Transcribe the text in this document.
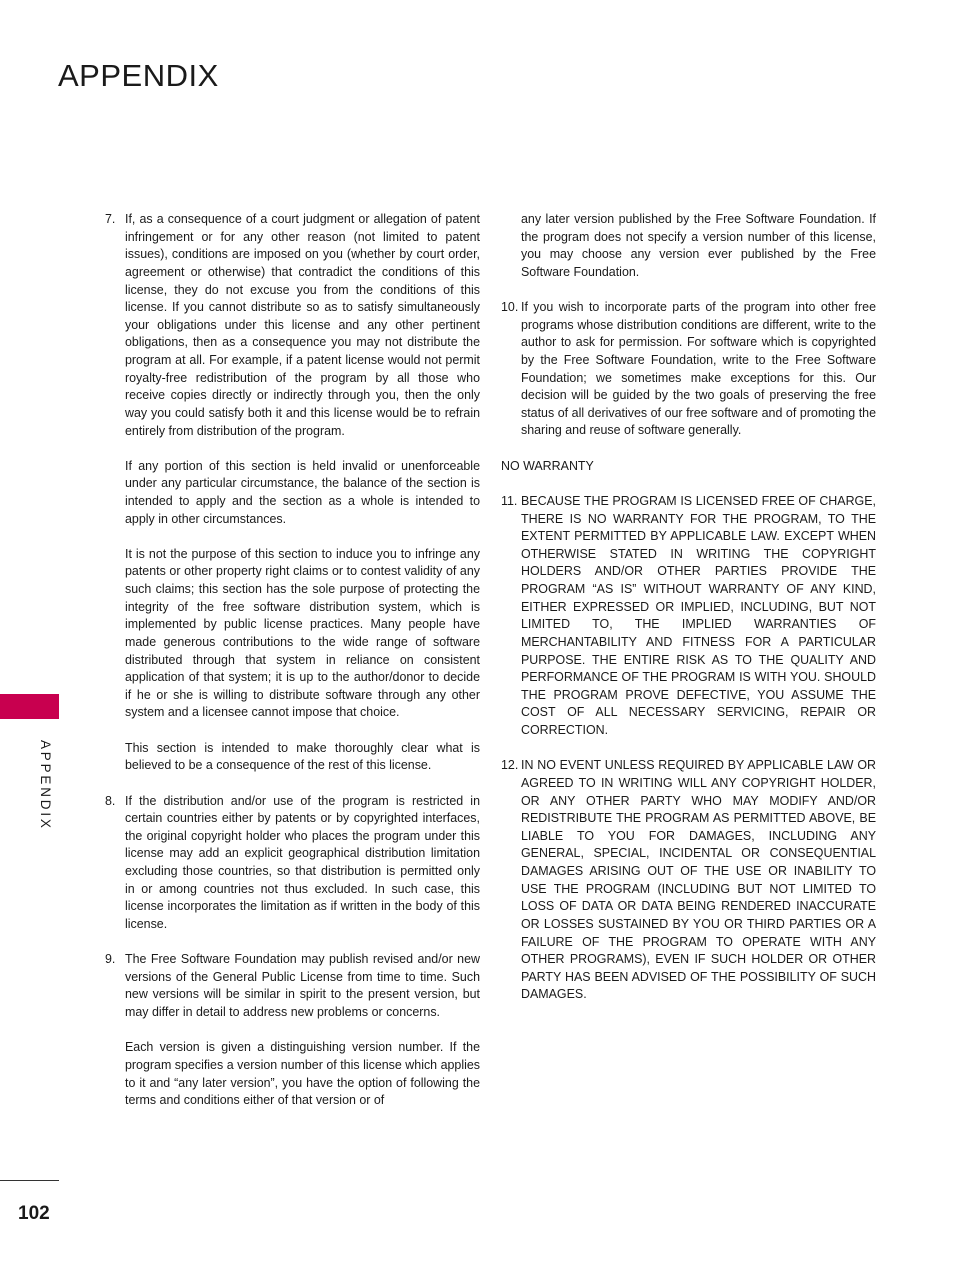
APPENDIX
APPENDIX
7. If, as a consequence of a court judgment or allegation of patent infringement or for any other reason (not limited to patent issues), conditions are imposed on you (whether by court order, agreement or otherwise) that contradict the conditions of this license, they do not excuse you from the conditions of this license. If you cannot distribute so as to satisfy simultaneously your obligations under this license and any other pertinent obligations, then as a consequence you may not distribute the program at all. For example, if a patent license would not permit royalty-free redistribution of the program by all those who receive copies directly or indirectly through you, then the only way you could satisfy both it and this license would be to refrain entirely from distribution of the program.

If any portion of this section is held invalid or unenforceable under any particular circumstance, the balance of the section is intended to apply and the section as a whole is intended to apply in other circumstances.

It is not the purpose of this section to induce you to infringe any patents or other property right claims or to contest validity of any such claims; this section has the sole purpose of protecting the integrity of the free software distribution system, which is implemented by public license practices. Many people have made generous contributions to the wide range of software distributed through that system in reliance on consistent application of that system; it is up to the author/donor to decide if he or she is willing to distribute software through any other system and a licensee cannot impose that choice.

This section is intended to make thoroughly clear what is believed to be a consequence of the rest of this license.

8. If the distribution and/or use of the program is restricted in certain countries either by patents or by copyrighted interfaces, the original copyright holder who places the program under this license may add an explicit geographical distribution limitation excluding those countries, so that distribution is permitted only in or among countries not thus excluded. In such case, this license incorporates the limitation as if written in the body of this license.

9. The Free Software Foundation may publish revised and/or new versions of the General Public License from time to time. Such new versions will be similar in spirit to the present version, but may differ in detail to address new problems or concerns.

Each version is given a distinguishing version number. If the program specifies a version number of this license which applies to it and “any later version”, you have the option of following the terms and conditions either of that version or of

any later version published by the Free Software Foundation. If the program does not specify a version number of this license, you may choose any version ever published by the Free Software Foundation.

10. If you wish to incorporate parts of the program into other free programs whose distribution conditions are different, write to the author to ask for permission. For software which is copyrighted by the Free Software Foundation, write to the Free Software Foundation; we sometimes make exceptions for this. Our decision will be guided by the two goals of preserving the free status of all derivatives of our free software and of promoting the sharing and reuse of software generally.

NO WARRANTY

11. BECAUSE THE PROGRAM IS LICENSED FREE OF CHARGE, THERE IS NO WARRANTY FOR THE PROGRAM, TO THE EXTENT PERMITTED BY APPLICABLE LAW. EXCEPT WHEN OTHERWISE STATED IN WRITING THE COPYRIGHT HOLDERS AND/OR OTHER PARTIES PROVIDE THE PROGRAM “AS IS” WITHOUT WARRANTY OF ANY KIND, EITHER EXPRESSED OR IMPLIED, INCLUDING, BUT NOT LIMITED TO, THE IMPLIED WARRANTIES OF MERCHANTABILITY AND FITNESS FOR A PARTICULAR PURPOSE. THE ENTIRE RISK AS TO THE QUALITY AND PERFORMANCE OF THE PROGRAM IS WITH YOU. SHOULD THE PROGRAM PROVE DEFECTIVE, YOU ASSUME THE COST OF ALL NECESSARY SERVICING, REPAIR OR CORRECTION.

12. IN NO EVENT UNLESS REQUIRED BY APPLICABLE LAW OR AGREED TO IN WRITING WILL ANY COPYRIGHT HOLDER, OR ANY OTHER PARTY WHO MAY MODIFY AND/OR REDISTRIBUTE THE PROGRAM AS PERMITTED ABOVE, BE LIABLE TO YOU FOR DAMAGES, INCLUDING ANY GENERAL, SPECIAL, INCIDENTAL OR CONSEQUENTIAL DAMAGES ARISING OUT OF THE USE OR INABILITY TO USE THE PROGRAM (INCLUDING BUT NOT LIMITED TO LOSS OF DATA OR DATA BEING RENDERED INACCURATE OR LOSSES SUSTAINED BY YOU OR THIRD PARTIES OR A FAILURE OF THE PROGRAM TO OPERATE WITH ANY OTHER PROGRAMS), EVEN IF SUCH HOLDER OR OTHER PARTY HAS BEEN ADVISED OF THE POSSIBILITY OF SUCH DAMAGES.

102
